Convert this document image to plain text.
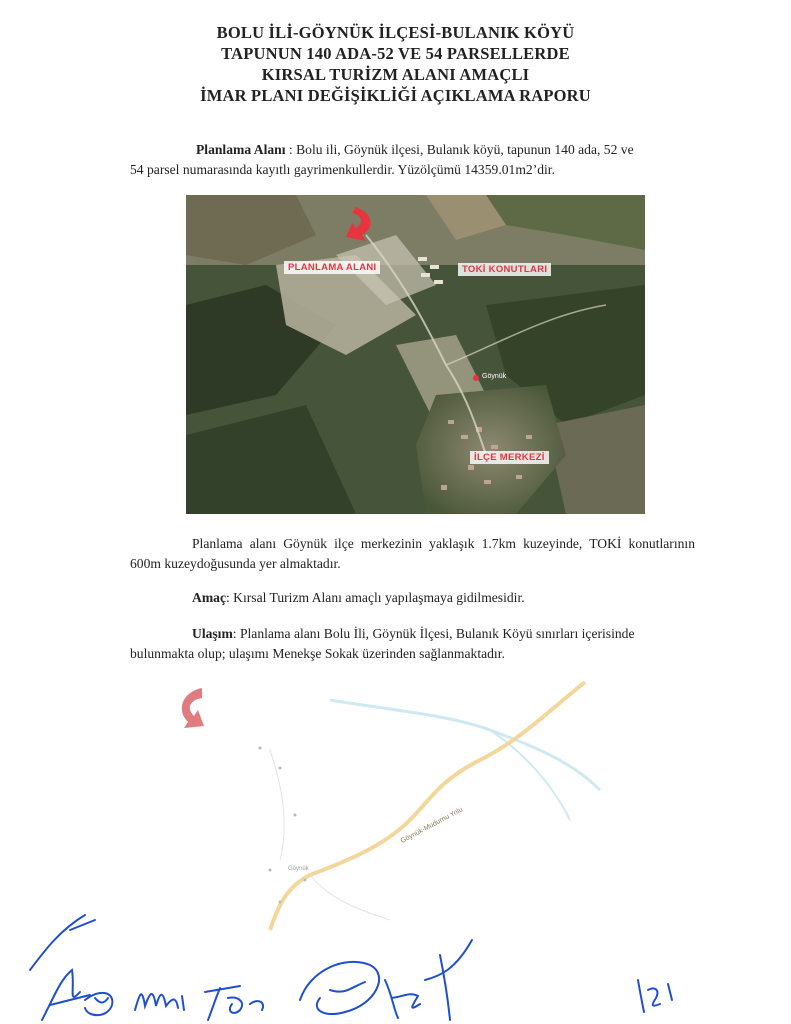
BOLU İLİ-GÖYNÜK İLÇESİ-BULANIK KÖYÜ
TAPUNUN 140 ADA-52 VE 54 PARSELLERDE
KIRSAL TURİZM ALANI AMAÇLI
İMAR PLANI DEĞİŞİKLİĞİ AÇIKLAMA RAPORU
Planlama Alanı : Bolu ili, Göynük ilçesi, Bulanık köyü, tapunun 140 ada, 52 ve
54 parsel numarasında kayıtlı gayrimenkullerdir. Yüzölçümü 14359.01m2’dir.
PLANLAMA ALANI	TOKİ KONUTLARI
İLÇE MERKEZİ
Göynük
Planlama alanı Göynük ilçe merkezinin yaklaşık 1.7km kuzeyinde, TOKİ konutlarının 600m kuzeydoğusunda yer almaktadır.
Amaç: Kırsal Turizm Alanı amaçlı yapılaşmaya gidilmesidir.
Ulaşım: Planlama alanı Bolu İli, Göynük İlçesi, Bulanık Köyü sınırları içerisinde bulunmakta olup; ulaşımı Menekşe Sokak üzerinden sağlanmaktadır.
Göynük-Mudurnu Yolu
Göynük
